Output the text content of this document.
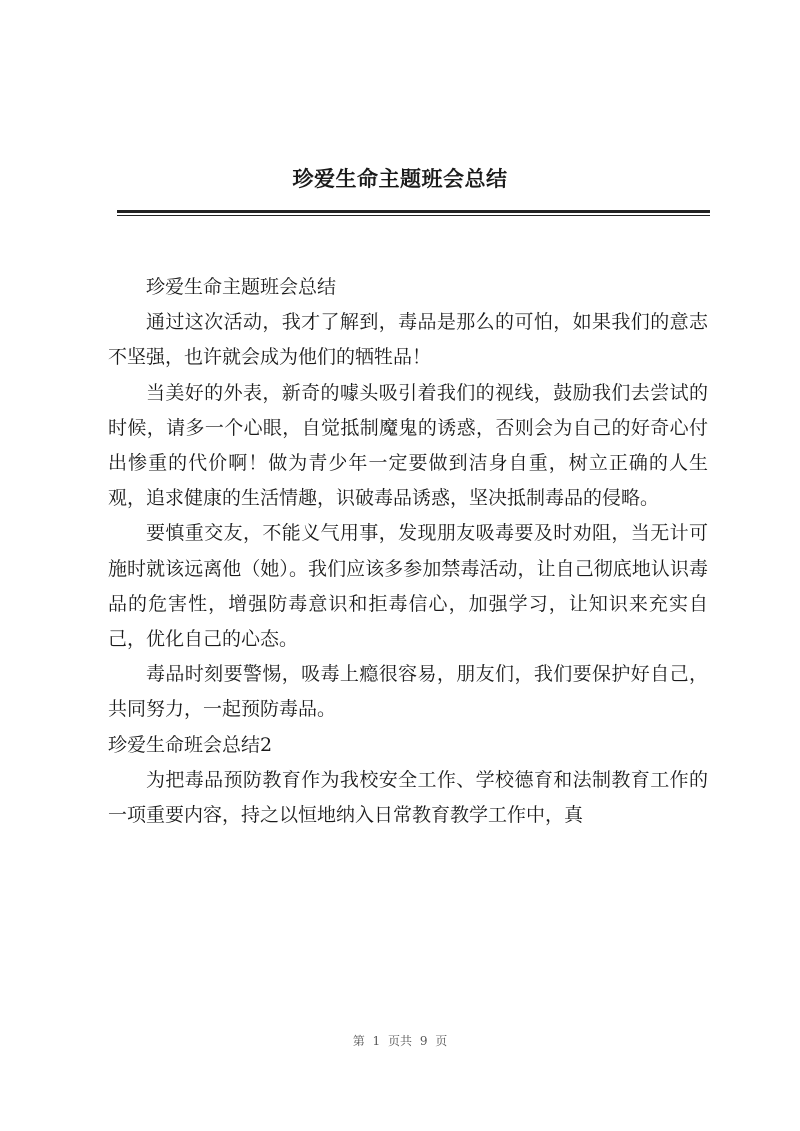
珍爱生命主题班会总结

珍爱生命主题班会总结

通过这次活动，我才了解到，毒品是那么的可怕，如果我们的意志不坚强，也许就会成为他们的牺牲品！

当美好的外表，新奇的噱头吸引着我们的视线，鼓励我们去尝试的时候，请多一个心眼，自觉抵制魔鬼的诱惑，否则会为自己的好奇心付出惨重的代价啊！做为青少年一定要做到洁身自重，树立正确的人生观，追求健康的生活情趣，识破毒品诱惑，坚决抵制毒品的侵略。

要慎重交友，不能义气用事，发现朋友吸毒要及时劝阻，当无计可施时就该远离他（她）。我们应该多参加禁毒活动，让自己彻底地认识毒品的危害性，增强防毒意识和拒毒信心，加强学习，让知识来充实自己，优化自己的心态。

毒品时刻要警惕，吸毒上瘾很容易，朋友们，我们要保护好自己，共同努力，一起预防毒品。

珍爱生命班会总结2

为把毒品预防教育作为我校安全工作、学校德育和法制教育工作的一项重要内容，持之以恒地纳入日常教育教学工作中，真

第 1 页共 9 页
